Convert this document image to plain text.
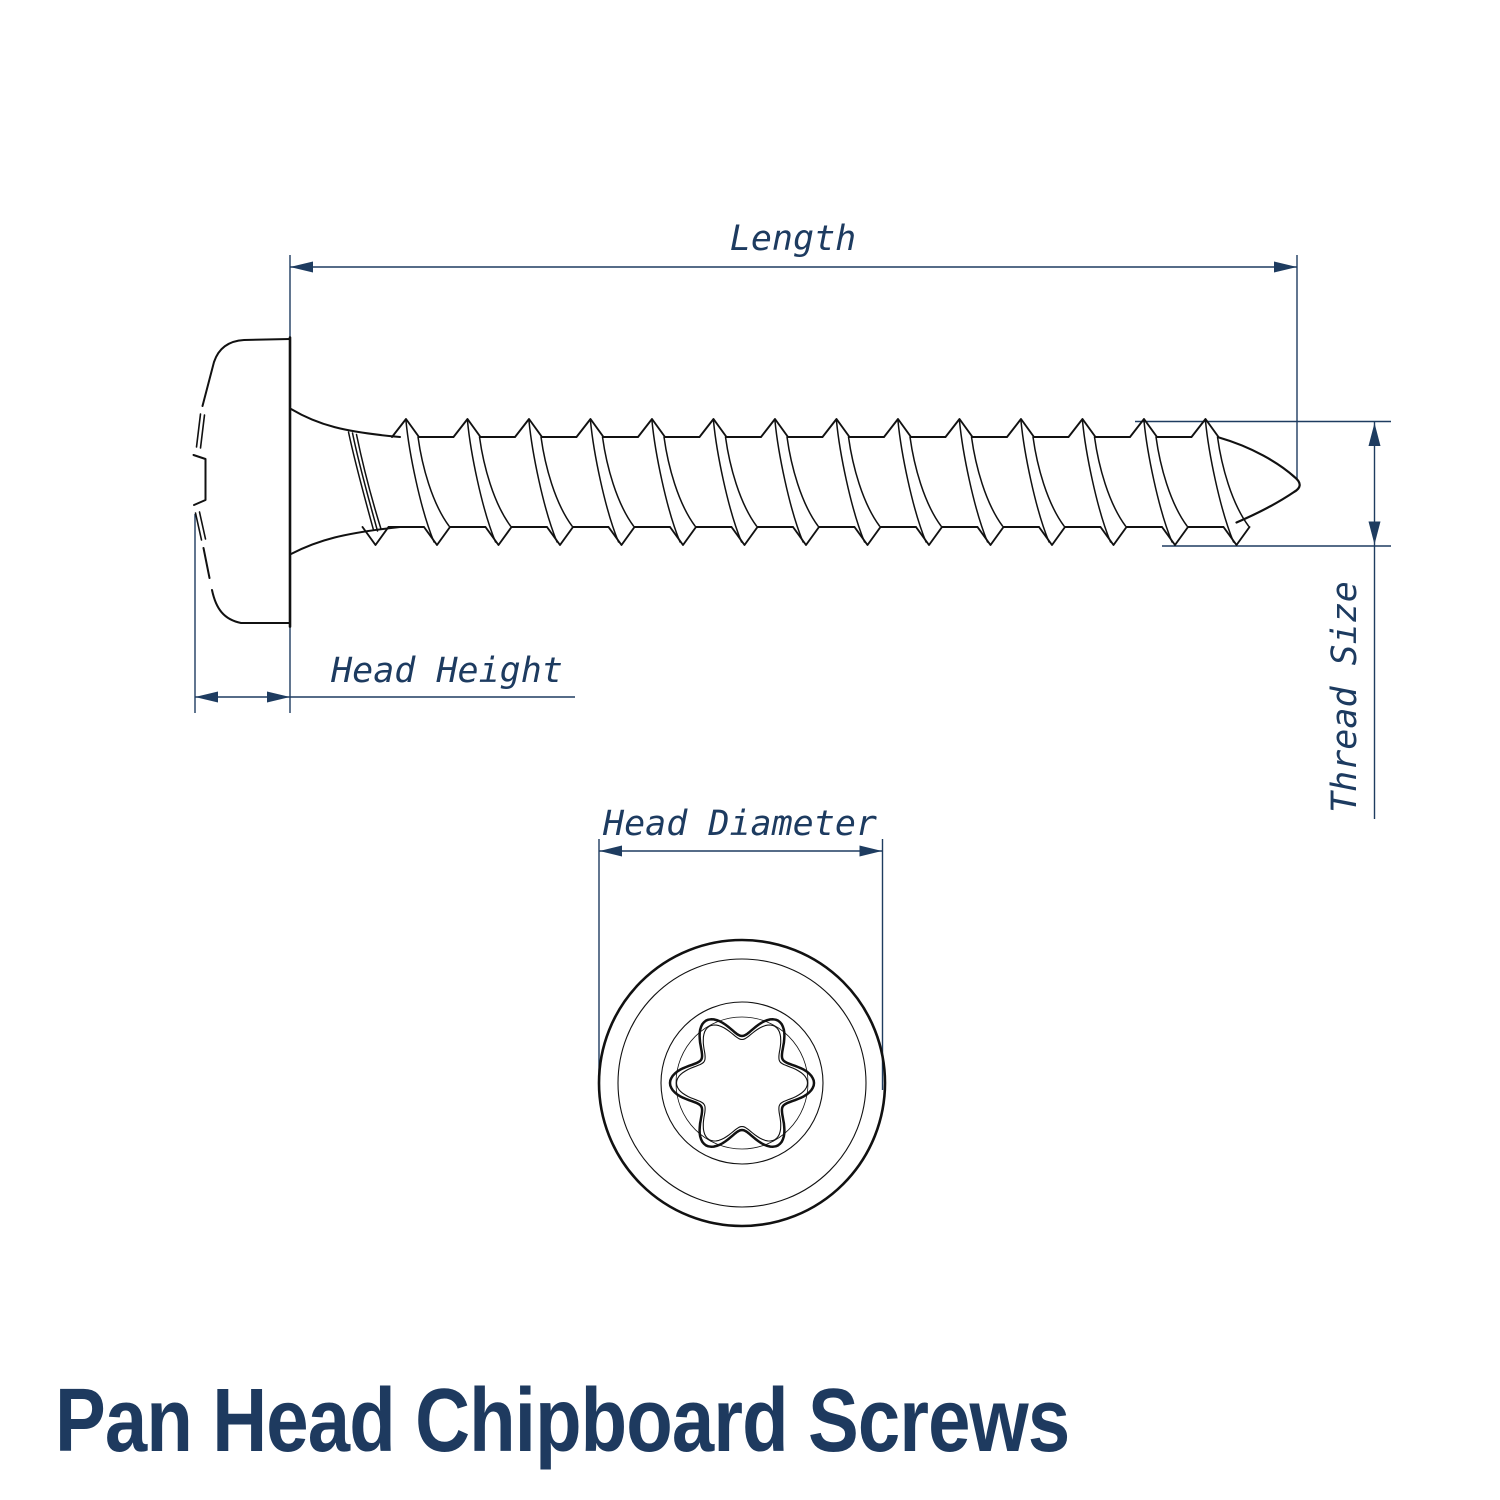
Length
Head Height	Thread Size
Head Diameter
Pan Head Chipboard Screws
